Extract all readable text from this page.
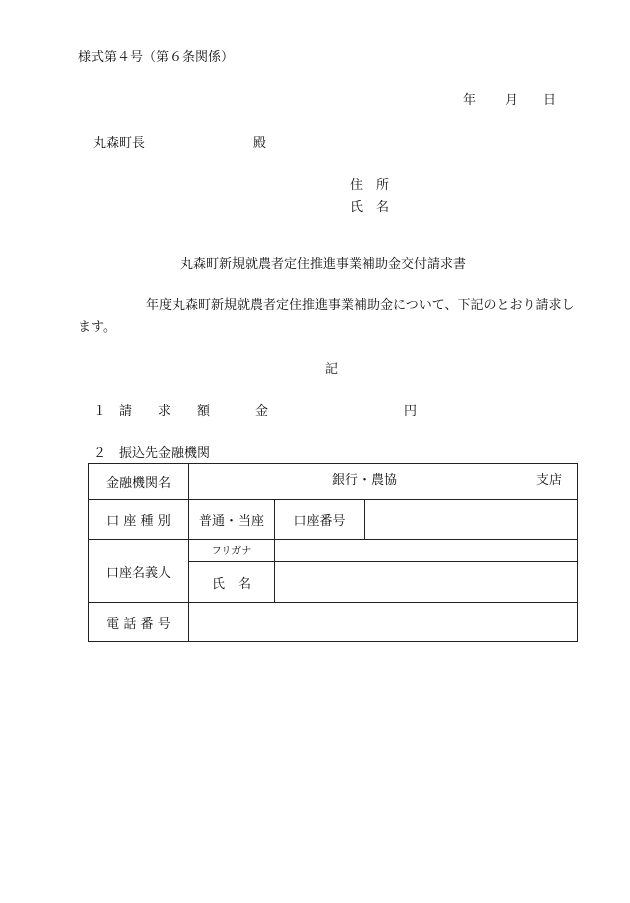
様式第４号（第６条関係）
年 月 日
丸森町長	殿
住　所
氏　名
丸森町新規就農者定住推進事業補助金交付請求書
年度丸森町新規就農者定住推進事業補助金について、下記のとおり請求し
ます。
記
１ 請　　求　　額	金	円
２ 振込先金融機関
金融機関名	銀行・農協 支店		

口 座 種 別	普通・当座	口座番号	
口座名義人	フリガナ		
	氏　名		
電 話 番 号			
